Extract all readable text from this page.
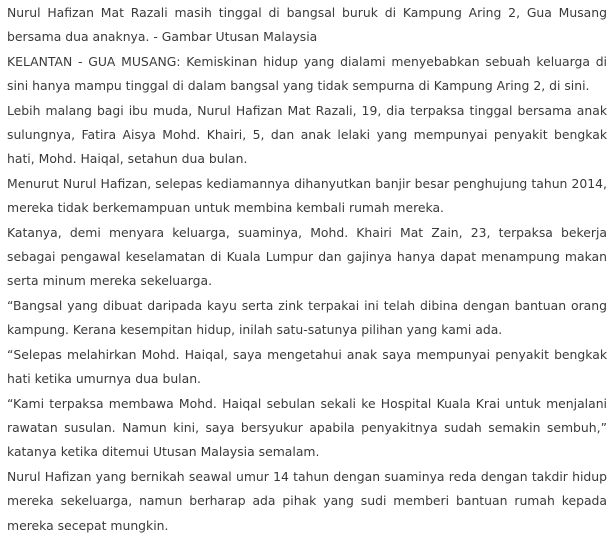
Nurul Hafizan Mat Razali masih tinggal di bangsal buruk di Kampung Aring 2, Gua Musang bersama dua anaknya. - Gambar Utusan Malaysia

KELANTAN - GUA MUSANG: Kemiskinan hidup yang dialami menyebabkan sebuah keluarga di sini hanya mampu tinggal di dalam bangsal yang tidak sempurna di Kampung Aring 2, di sini.

Lebih malang bagi ibu muda, Nurul Hafizan Mat Razali, 19, dia terpaksa tinggal bersama anak sulungnya, Fatira Aisya Mohd. Khairi, 5, dan anak lelaki yang mempunyai penyakit bengkak hati, Mohd. Haiqal, setahun dua bulan.

Menurut Nurul Hafizan, selepas kediamannya dihanyutkan banjir besar penghujung tahun 2014, mereka tidak berkemampuan untuk membina kembali rumah mereka.

Katanya, demi menyara keluarga, suaminya, Mohd. Khairi Mat Zain, 23, terpaksa bekerja sebagai pengawal keselamatan di Kuala Lumpur dan gajinya hanya dapat menampung makan serta minum mereka sekeluarga.

“Bangsal yang dibuat daripada kayu serta zink terpakai ini telah dibina dengan bantuan orang kampung. Kerana kesempitan hidup, inilah satu-satunya pilihan yang kami ada.

“Selepas melahirkan Mohd. Haiqal, saya mengetahui anak saya mempunyai penyakit bengkak hati ketika umurnya dua bulan.

“Kami terpaksa membawa Mohd. Haiqal sebulan sekali ke Hospital Kuala Krai untuk menjalani rawatan susulan. Namun kini, saya bersyukur apabila penyakitnya sudah semakin sembuh,” katanya ketika ditemui Utusan Malaysia semalam.

Nurul Hafizan yang bernikah seawal umur 14 tahun dengan suaminya reda dengan takdir hidup mereka sekeluarga, namun berharap ada pihak yang sudi memberi bantuan rumah kepada mereka secepat mungkin.
